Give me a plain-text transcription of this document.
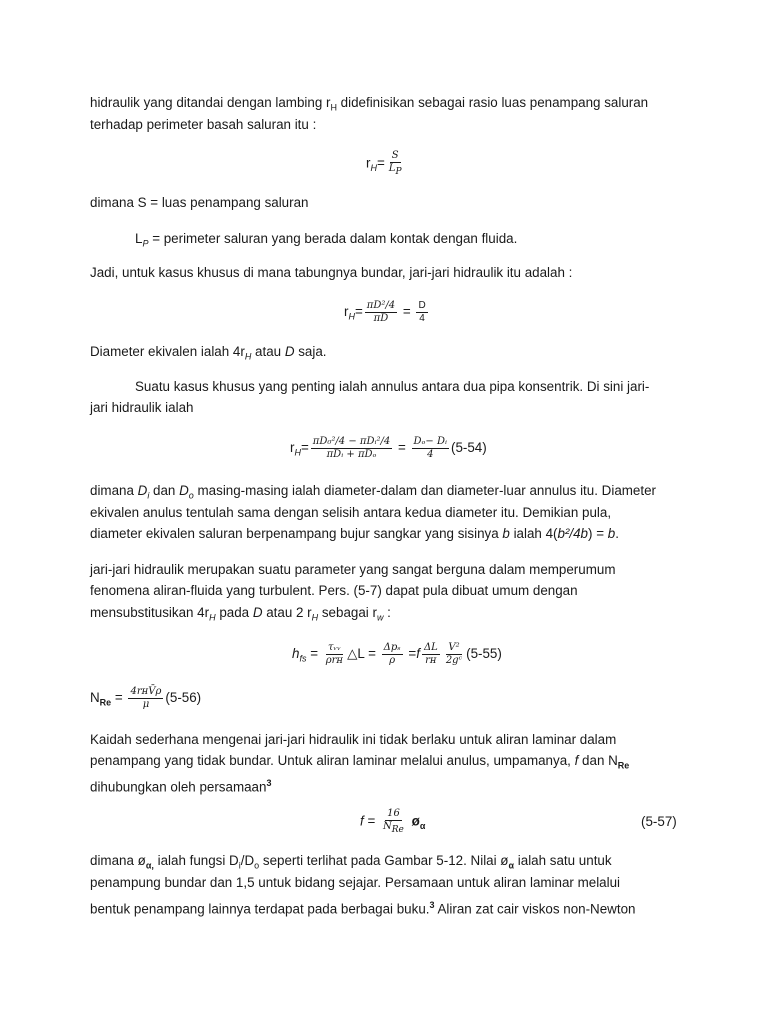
hidraulik yang ditandai dengan lambing $r_H$ didefinisikan sebagai rasio luas penampang saluran
terhadap perimeter basah saluran itu :
$r_H= \frac{S}{LP}$
dimana S = luas penampang saluran
$L_P$ = perimeter saluran yang berada dalam kontak dengan fluida.
Jadi, untuk kasus khusus di mana tabungnya bundar, jari-jari hidraulik itu adalah :
$r_H= \frac{\text{πD²/4}}{\pi D} = \frac{D}{4}$
Diameter ekivalen ialah $4r_H$ atau D saja.
Suatu kasus khusus yang penting ialah annulus antara dua pipa konsentrik. Di sini jari-
jari hidraulik ialah
$r_H= \frac{\text{πD₀²/4 − πDᵢ²/4}}{\text{πDᵢ + πDₒ}} = \frac{\text{Dₒ− Dᵢ}}{4} (5-54)$
dimana $D_i$ dan $D_o$ masing-masing ialah diameter-dalam dan diameter-luar annulus itu. Diameter
ekivalen anulus tentulah sama dengan selisih antara kedua diameter itu. Demikian pula,
diameter ekivalen saluran berpenampang bujur sangkar yang sisinya b ialah 4(b²/4b) = b.
jari-jari hidraulik merupakan suatu parameter yang sangat berguna dalam memperumum
fenomena aliran-fluida yang turbulent. Pers. (5-7) dapat pula dibuat umum dengan
mensubstitusikan $4r_H$ pada D atau 2 $r_H$ sebagai $r_w$ :
$h_{fs} = \frac{\text{τᵥᵥ}}{\text{ρrʜ}}$ △L = $\frac{\text{Δpₛ}}{\rho} =f \frac{\Delta L}{\text{rʜ}} \frac{\text{V²}}{\text{2gᶜ}} (5-55)$
$N_{Re} = \frac{\text{4rʜV̄ρ}}{\mu} (5-56)$
Kaidah sederhana mengenai jari-jari hidraulik ini tidak berlaku untuk aliran laminar dalam
penampang yang tidak bundar. Untuk aliran laminar melalui anulus, umpamanya, f dan $N_{Re}$
dihubungkan oleh persamaan$^3$
$f = \frac{16}{\text{NRe}}$ $ø_\alpha$	(5-57)
dimana $ø_{\alpha,}$ ialah fungsi $D_i/D_o$ seperti terlihat pada Gambar 5-12. Nilai $ø_\alpha$ ialah satu untuk
penampung bundar dan 1,5 untuk bidang sejajar. Persamaan untuk aliran laminar melalui
bentuk penampang lainnya terdapat pada berbagai buku.$^3$ Aliran zat cair viskos non-Newton
